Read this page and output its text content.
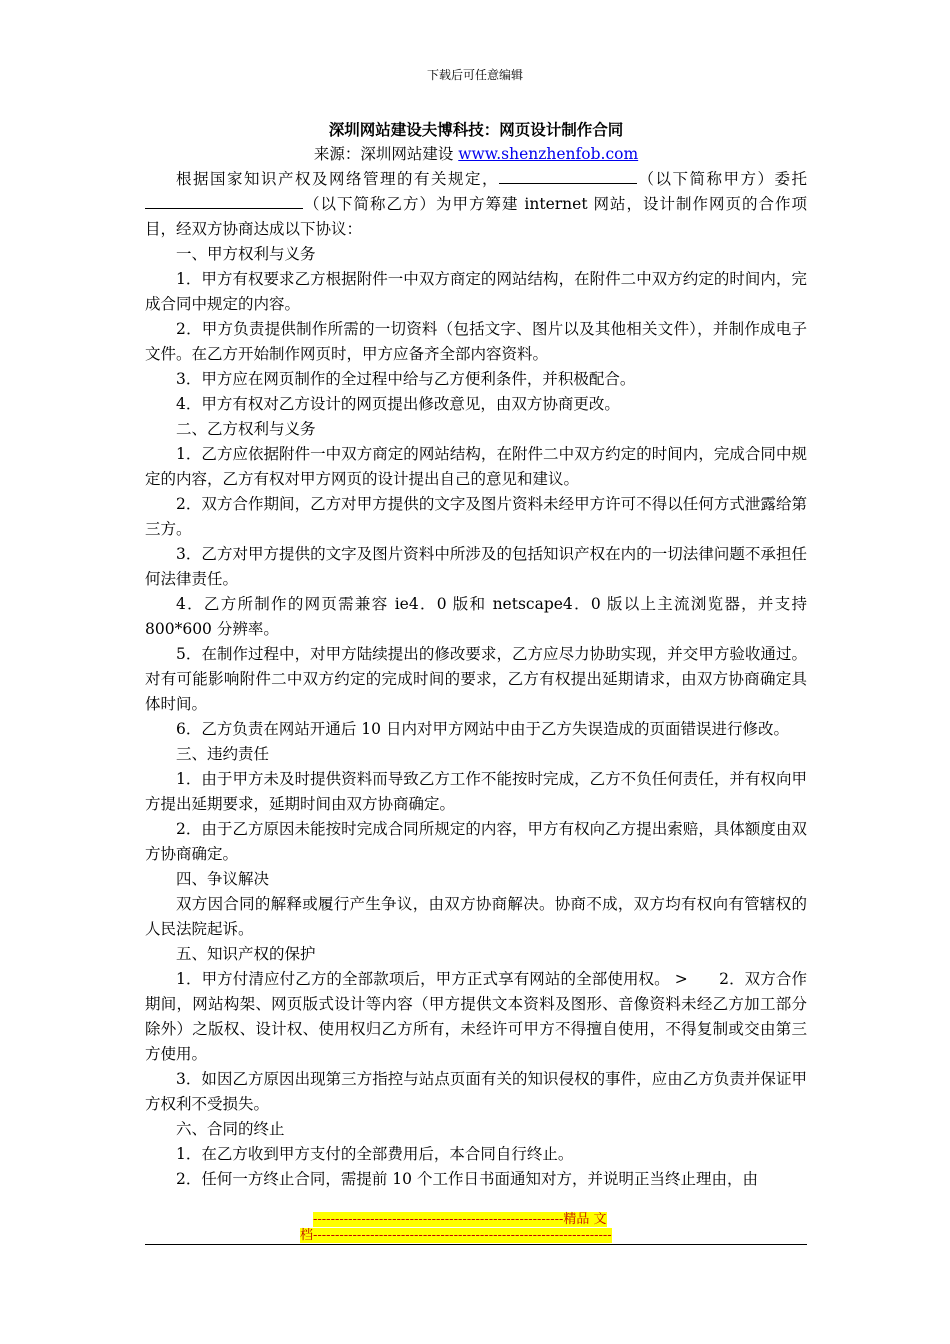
下载后可任意编辑

深圳网站建设夫博科技：网页设计制作合同

来源：深圳网站建设 www.shenzhenfob.com

根据国家知识产权及网络管理的有关规定，	（以下简称甲方）委托（以下简称乙方）为甲方筹建 internet 网站，设计制作网页的合作项目，经双方协商达成以下协议：

一、甲方权利与义务

1．甲方有权要求乙方根据附件一中双方商定的网站结构，在附件二中双方约定的时间内，完成合同中规定的内容。

2．甲方负责提供制作所需的一切资料（包括文字、图片以及其他相关文件），并制作成电子文件。在乙方开始制作网页时，甲方应备齐全部内容资料。

3．甲方应在网页制作的全过程中给与乙方便利条件，并积极配合。

4．甲方有权对乙方设计的网页提出修改意见，由双方协商更改。

二、乙方权利与义务

1．乙方应依据附件一中双方商定的网站结构，在附件二中双方约定的时间内，完成合同中规定的内容，乙方有权对甲方网页的设计提出自己的意见和建议。

2．双方合作期间，乙方对甲方提供的文字及图片资料未经甲方许可不得以任何方式泄露给第三方。

3．乙方对甲方提供的文字及图片资料中所涉及的包括知识产权在内的一切法律问题不承担任何法律责任。

4．乙方所制作的网页需兼容 ie4．0 版和 netscape4．0 版以上主流浏览器，并支持 800*600 分辨率。

5．在制作过程中，对甲方陆续提出的修改要求，乙方应尽力协助实现，并交甲方验收通过。对有可能影响附件二中双方约定的完成时间的要求，乙方有权提出延期请求，由双方协商确定具体时间。

6．乙方负责在网站开通后 10 日内对甲方网站中由于乙方失误造成的页面错误进行修改。

三、违约责任

1．由于甲方未及时提供资料而导致乙方工作不能按时完成，乙方不负任何责任，并有权向甲方提出延期要求，延期时间由双方协商确定。

2．由于乙方原因未能按时完成合同所规定的内容，甲方有权向乙方提出索赔，具体额度由双方协商确定。

四、争议解决

双方因合同的解释或履行产生争议，由双方协商解决。协商不成，双方均有权向有管辖权的人民法院起诉。

五、知识产权的保护

1．甲方付清应付乙方的全部款项后，甲方正式享有网站的全部使用权。 >　　2．双方合作期间，网站构架、网页版式设计等内容（甲方提供文本资料及图形、音像资料未经乙方加工部分除外）之版权、设计权、使用权归乙方所有，未经许可甲方不得擅自使用，不得复制或交由第三方使用。

3．如因乙方原因出现第三方指控与站点页面有关的知识侵权的事件，应由乙方负责并保证甲方权利不受损失。

六、合同的终止

1．在乙方收到甲方支付的全部费用后，本合同自行终止。

2．任何一方终止合同，需提前 10 个工作日书面通知对方，并说明正当终止理由，由

---------------------------------------------------------精品 文
档--------------------------------------------------------------------
